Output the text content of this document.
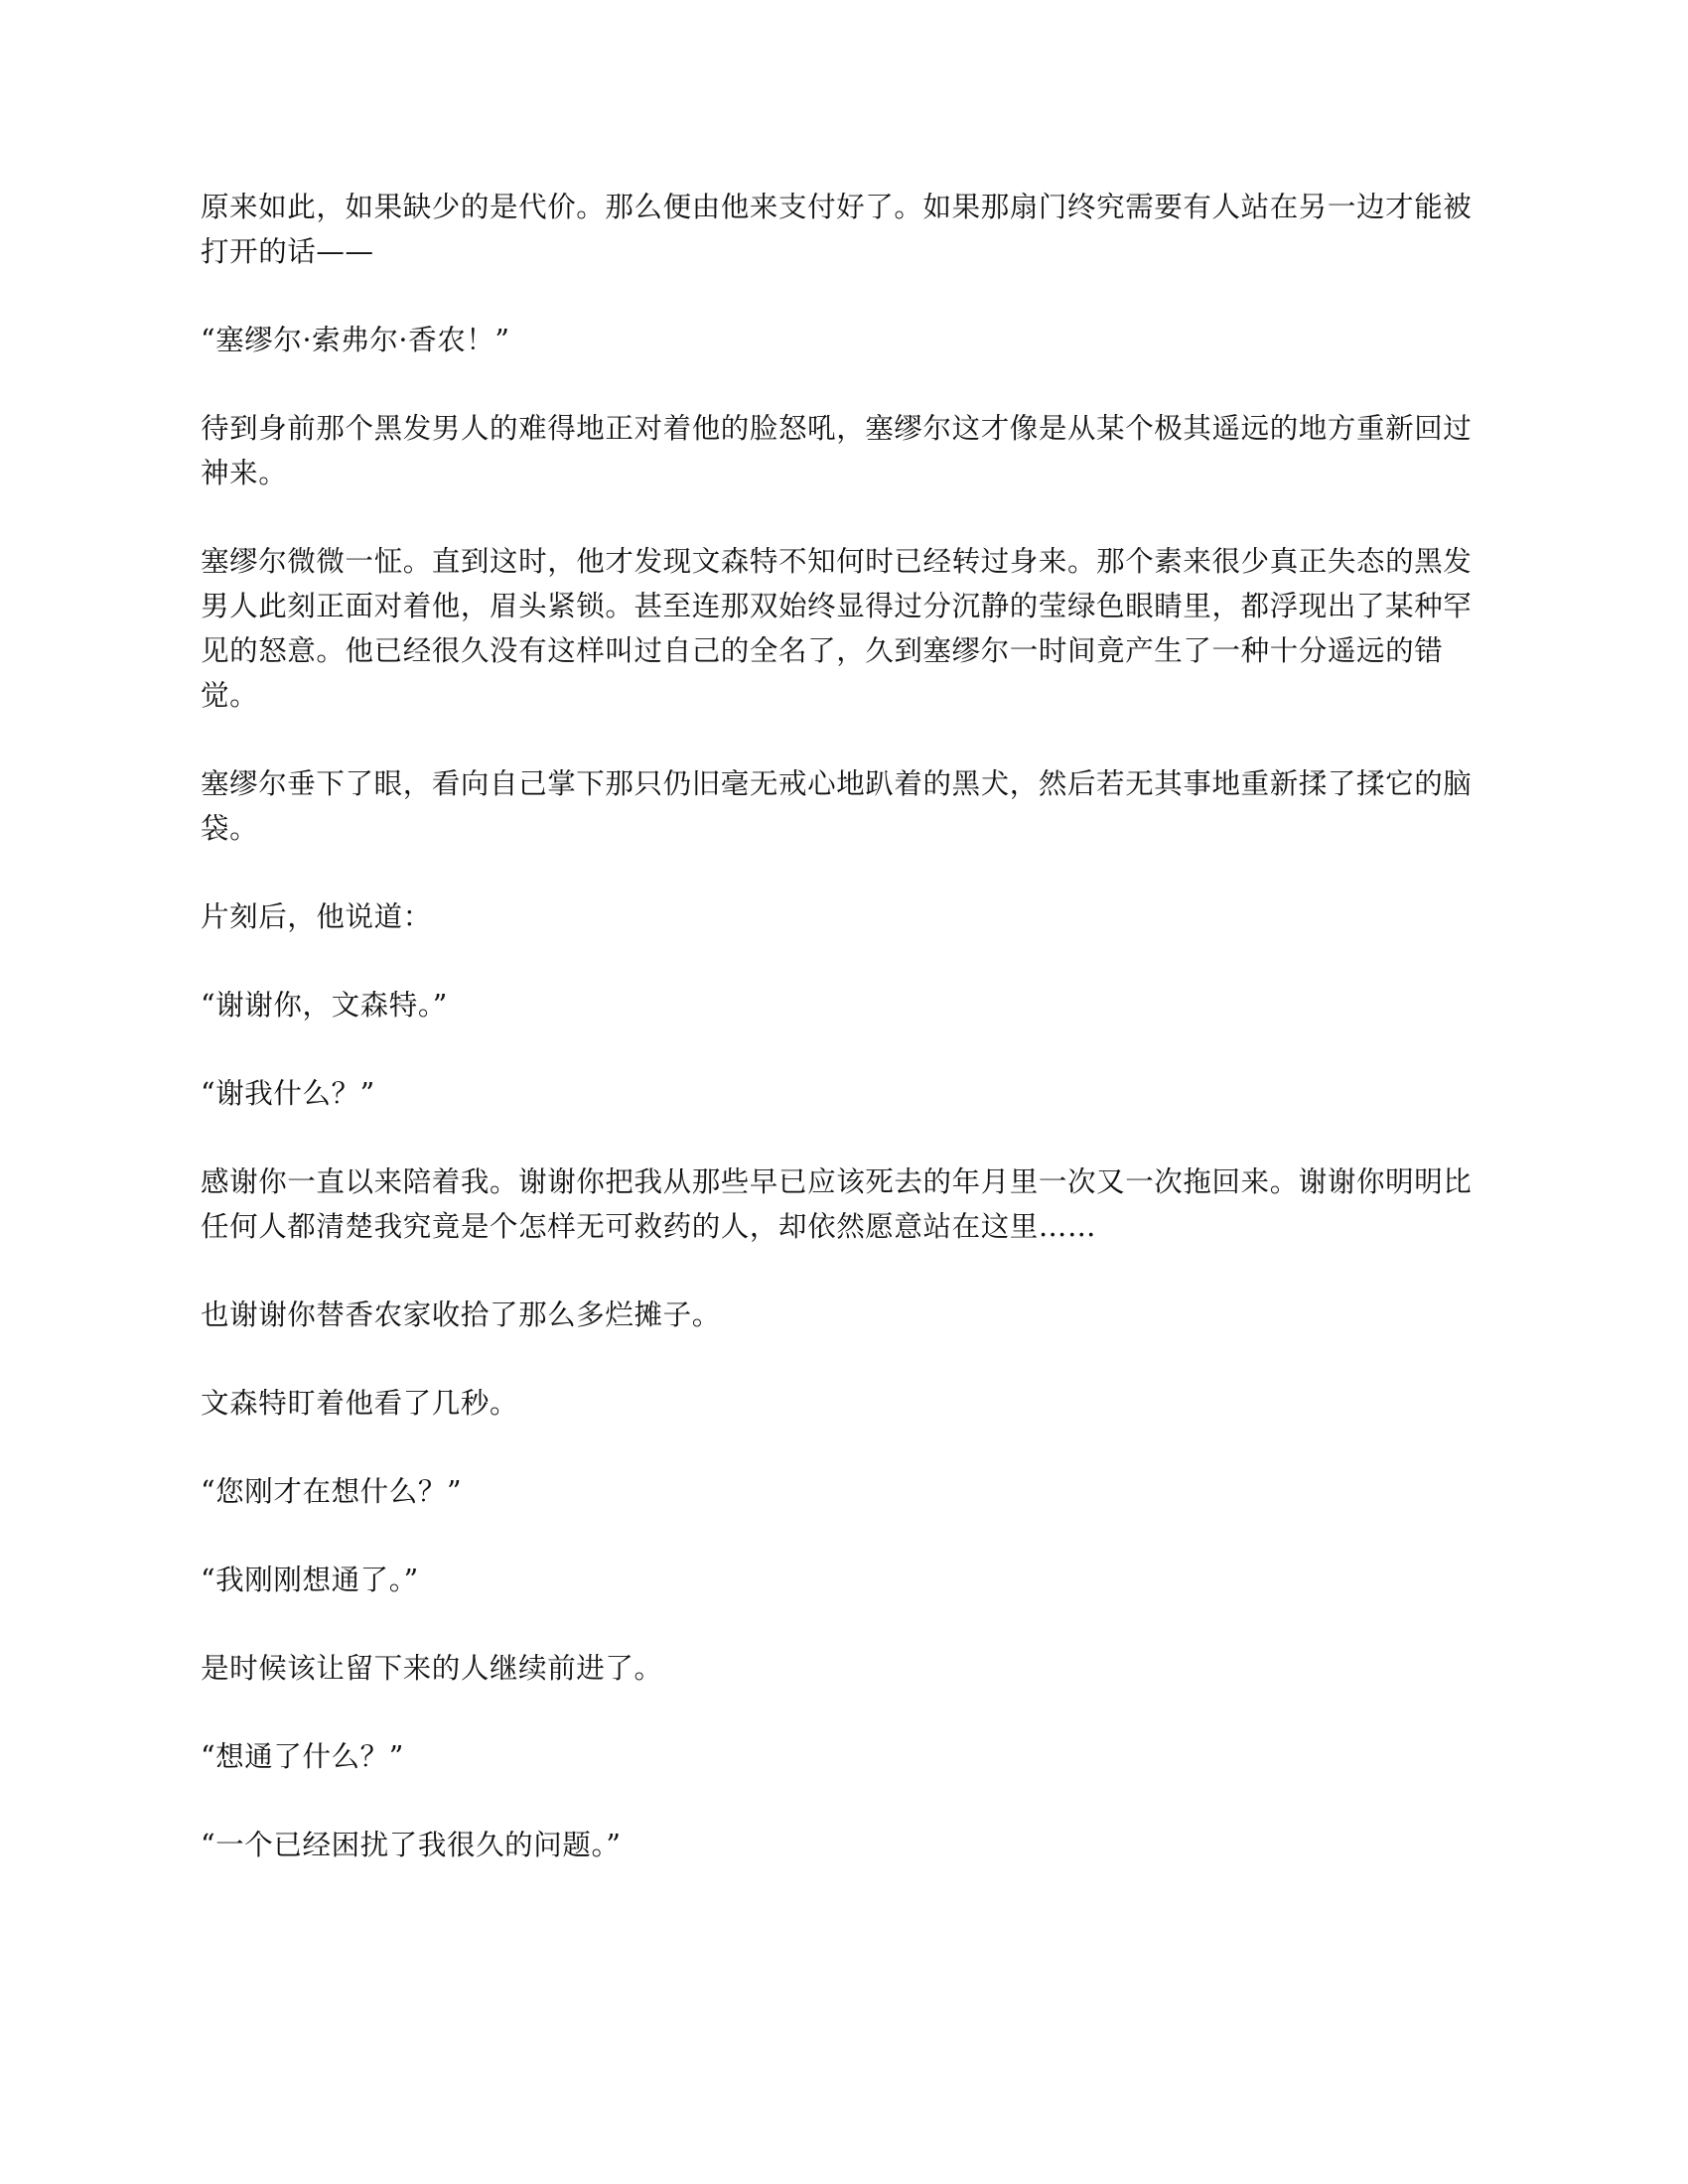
原来如此，如果缺少的是代价。那么便由他来支付好了。如果那扇门终究需要有人站在另一边才能被打开的话——

“塞缪尔·索弗尔·香农！”

待到身前那个黑发男人的难得地正对着他的脸怒吼，塞缪尔这才像是从某个极其遥远的地方重新回过神来。

塞缪尔微微一怔。直到这时，他才发现文森特不知何时已经转过身来。那个素来很少真正失态的黑发男人此刻正面对着他，眉头紧锁。甚至连那双始终显得过分沉静的莹绿色眼睛里，都浮现出了某种罕见的怒意。他已经很久没有这样叫过自己的全名了，久到塞缪尔一时间竟产生了一种十分遥远的错觉。

塞缪尔垂下了眼，看向自己掌下那只仍旧毫无戒心地趴着的黑犬，然后若无其事地重新揉了揉它的脑袋。

片刻后，他说道：

“谢谢你，文森特。”

“谢我什么？”

感谢你一直以来陪着我。谢谢你把我从那些早已应该死去的年月里一次又一次拖回来。谢谢你明明比任何人都清楚我究竟是个怎样无可救药的人，却依然愿意站在这里……

也谢谢你替香农家收拾了那么多烂摊子。

文森特盯着他看了几秒。

“您刚才在想什么？”

“我刚刚想通了。”

是时候该让留下来的人继续前进了。

“想通了什么？”

“一个已经困扰了我很久的问题。”
